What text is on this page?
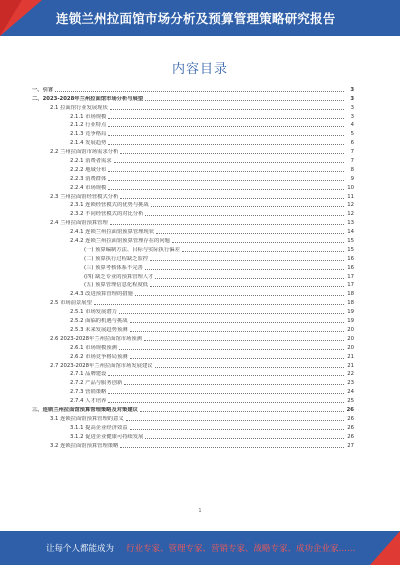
连锁兰州拉面馆市场分析及预算管理策略研究报告
内容目录
一、引言	3
二、2023-2028年兰州拉面馆市场分析与展望	3
2.1 拉面馆行业发展现状	3
2.1.1 市场规模	3
2.1.2 行业特点	4
2.1.3 竞争格局	5
2.1.4 发展趋势	6
2.2 兰州拉面馆市场需求分析	7
2.2.1 消费者需求	7
2.2.2 地域分布	8
2.2.3 消费群体	9
2.2.4 市场规模	10
2.3 兰州拉面馆经营模式分析	11
2.3.1 连锁经营模式的优势与挑战	12
2.3.2 不同经营模式的对比分析	12
2.4 兰州拉面馆预算管理	13
2.4.1 连锁兰州拉面馆预算管理现状	14
2.4.2 连锁兰州拉面馆预算管理存在的问题	15
(一) 预算编制方法、目标与实际执行偏差	15
(二) 预算执行过程缺乏监控	16
(三) 预算考核体系不完善	16
(四) 缺乏专业的预算管理人才	17
(五) 预算管理信息化程度低	17
2.4.3 改进预算管理的措施	18
2.5 市场前景展望	18
2.5.1 市场发展潜力	19
2.5.2 面临的机遇与挑战	19
2.5.3 未来发展趋势预测	20
2.6 2023-2028年兰州拉面馆市场预测	20
2.6.1 市场规模预测	20
2.6.2 市场竞争格局预测	21
2.7 2023-2028年兰州拉面馆市场发展建议	21
2.7.1 品牌建设	22
2.7.2 产品与服务创新	23
2.7.3 营销策略	24
2.7.4 人才培养	25
三、连锁兰州拉面馆预算管理策略及对策建议	26
3.1 连锁拉面馆预算管理的意义	26
3.1.1 提高企业经济效益	26
3.1.2 促进企业健康可持续发展	26
3.2 连锁拉面馆预算管理策略	27
1
让每个人都能成为 行业专家、管理专家、营销专家、战略专家、成功企业家……
